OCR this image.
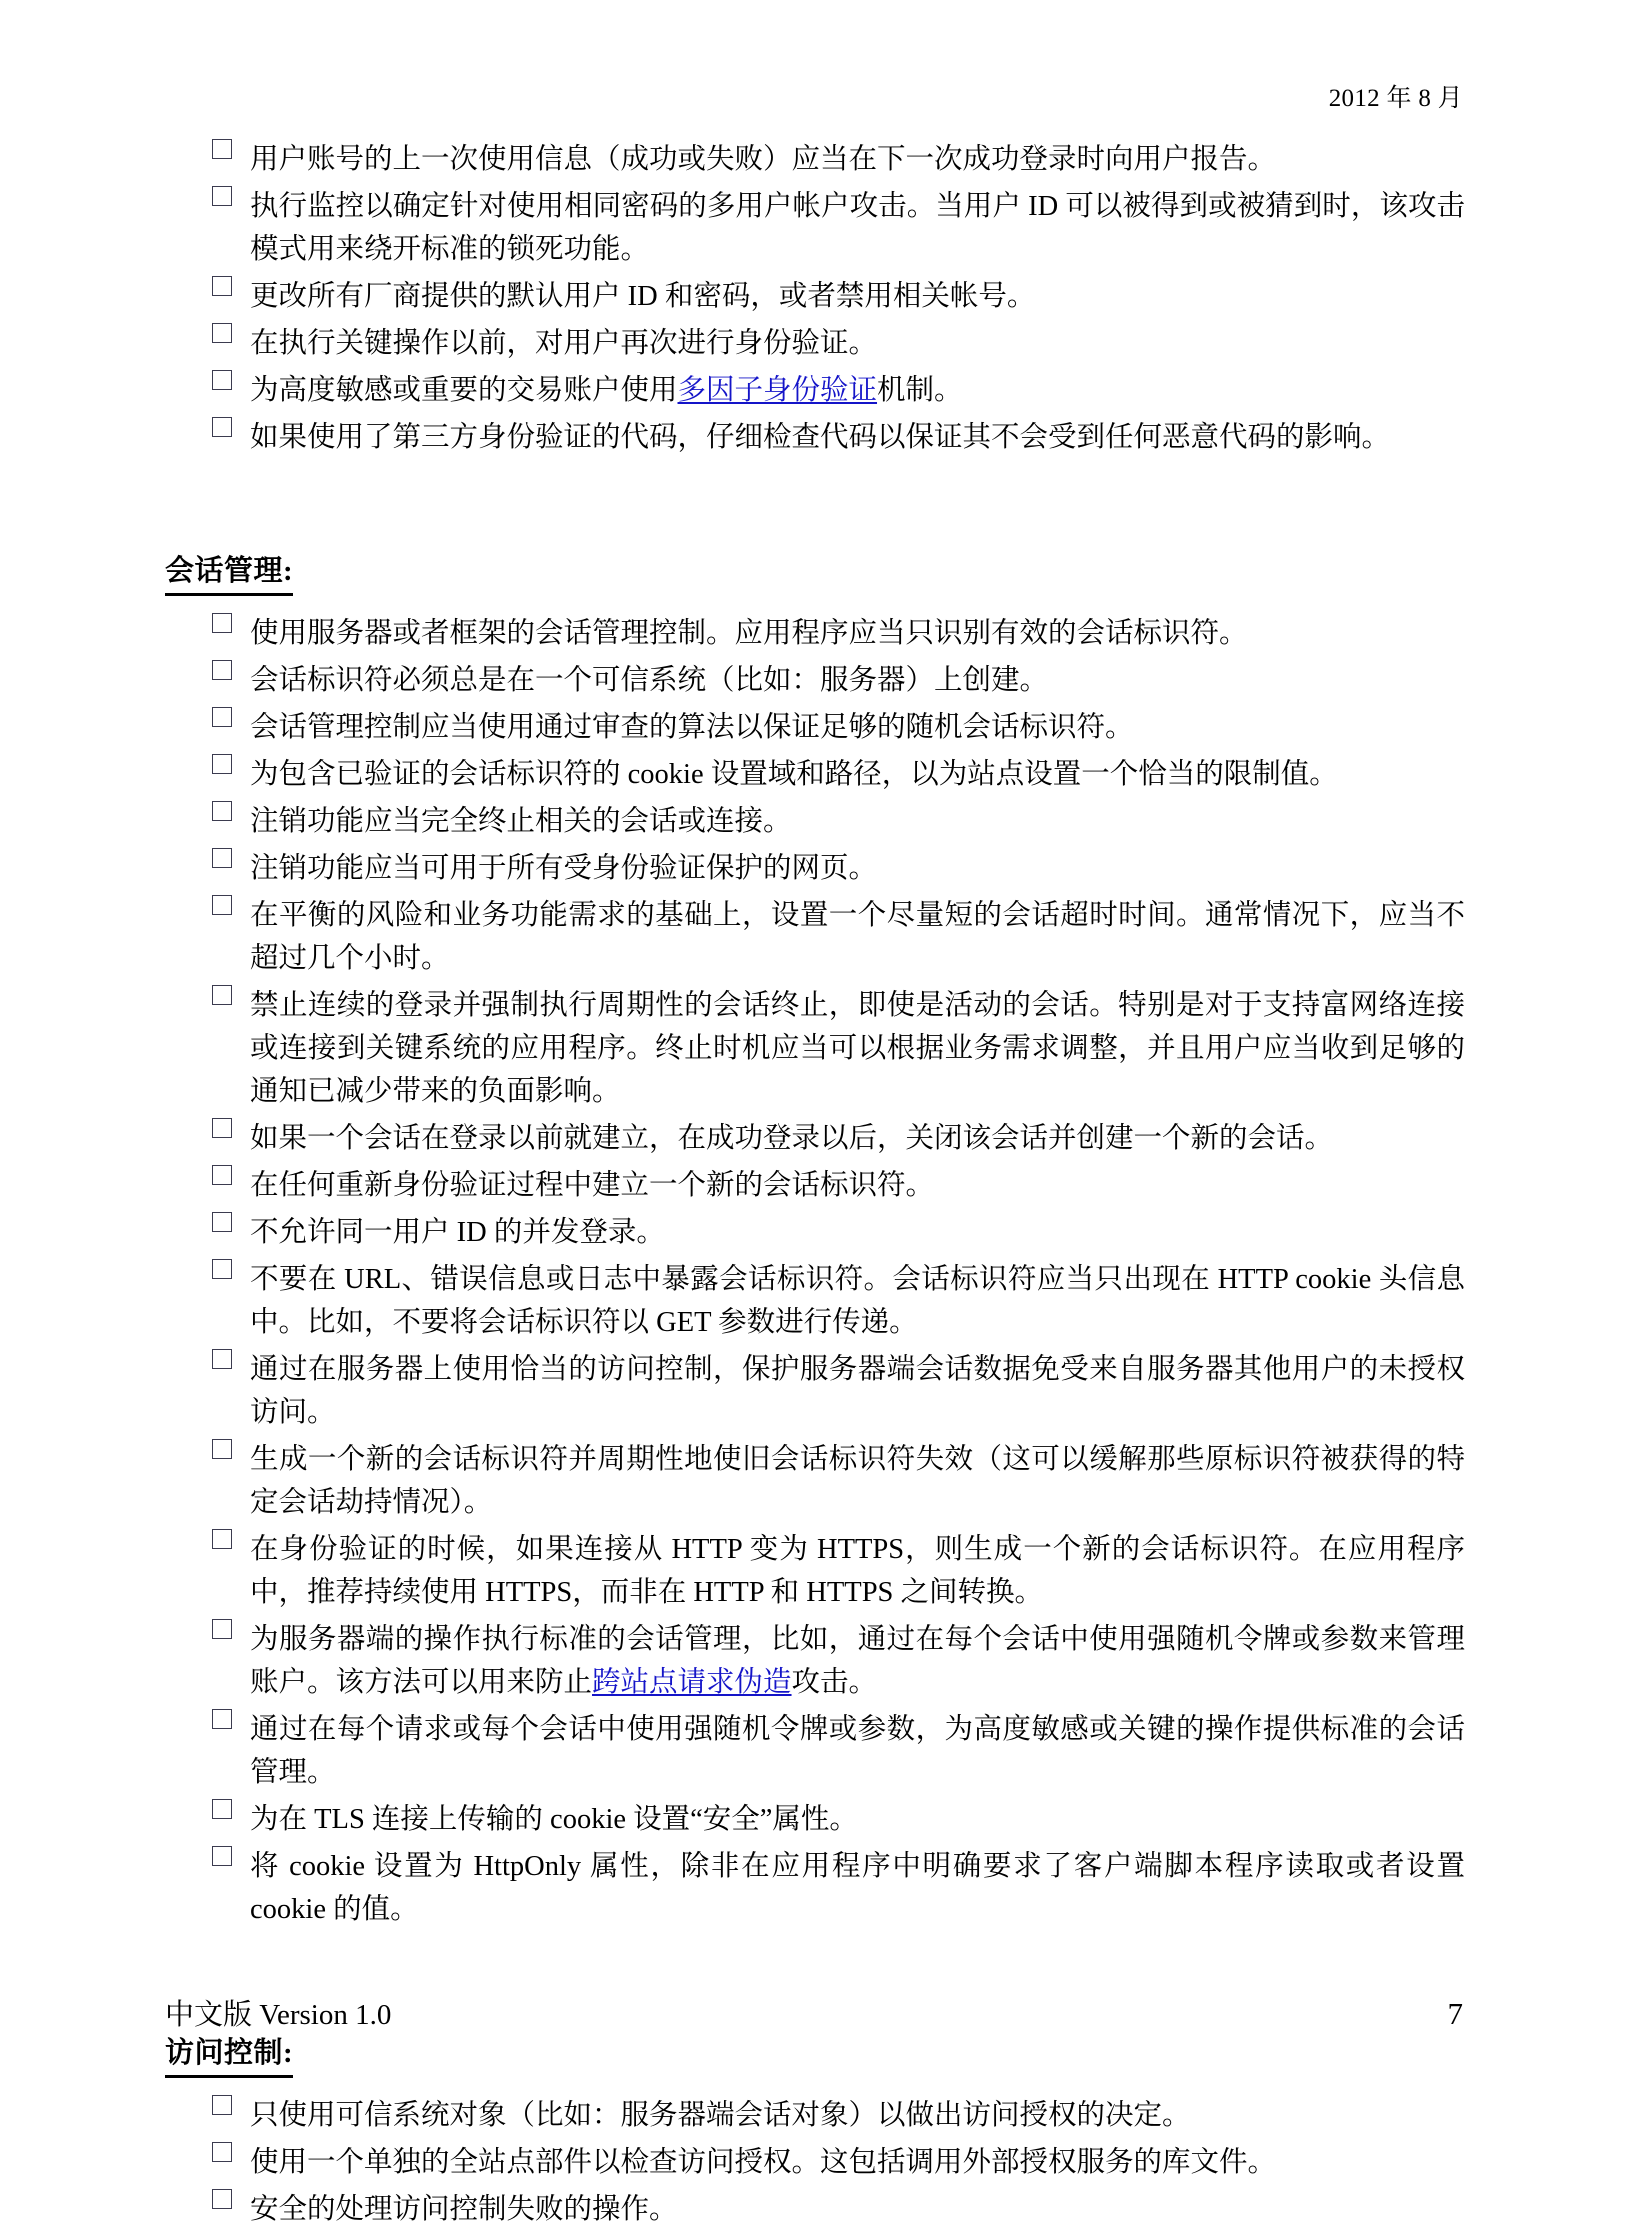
2012 年 8 月
用户账号的上一次使用信息（成功或失败）应当在下一次成功登录时向用户报告。
执行监控以确定针对使用相同密码的多用户帐户攻击。当用户 ID 可以被得到或被猜到时，该攻击模式用来绕开标准的锁死功能。
更改所有厂商提供的默认用户 ID 和密码，或者禁用相关帐号。
在执行关键操作以前，对用户再次进行身份验证。
为高度敏感或重要的交易账户使用多因子身份验证机制。
如果使用了第三方身份验证的代码，仔细检查代码以保证其不会受到任何恶意代码的影响。
会话管理:
使用服务器或者框架的会话管理控制。应用程序应当只识别有效的会话标识符。
会话标识符必须总是在一个可信系统（比如：服务器）上创建。
会话管理控制应当使用通过审查的算法以保证足够的随机会话标识符。
为包含已验证的会话标识符的 cookie 设置域和路径，以为站点设置一个恰当的限制值。
注销功能应当完全终止相关的会话或连接。
注销功能应当可用于所有受身份验证保护的网页。
在平衡的风险和业务功能需求的基础上，设置一个尽量短的会话超时时间。通常情况下，应当不超过几个小时。
禁止连续的登录并强制执行周期性的会话终止，即使是活动的会话。特别是对于支持富网络连接或连接到关键系统的应用程序。终止时机应当可以根据业务需求调整，并且用户应当收到足够的通知已减少带来的负面影响。
如果一个会话在登录以前就建立，在成功登录以后，关闭该会话并创建一个新的会话。
在任何重新身份验证过程中建立一个新的会话标识符。
不允许同一用户 ID 的并发登录。
不要在 URL、错误信息或日志中暴露会话标识符。会话标识符应当只出现在 HTTP cookie 头信息中。比如，不要将会话标识符以 GET 参数进行传递。
通过在服务器上使用恰当的访问控制，保护服务器端会话数据免受来自服务器其他用户的未授权访问。
生成一个新的会话标识符并周期性地使旧会话标识符失效（这可以缓解那些原标识符被获得的特定会话劫持情况）。
在身份验证的时候，如果连接从 HTTP 变为 HTTPS，则生成一个新的会话标识符。在应用程序中，推荐持续使用 HTTPS，而非在 HTTP 和 HTTPS 之间转换。
为服务器端的操作执行标准的会话管理，比如，通过在每个会话中使用强随机令牌或参数来管理账户。该方法可以用来防止跨站点请求伪造攻击。
通过在每个请求或每个会话中使用强随机令牌或参数，为高度敏感或关键的操作提供标准的会话管理。
为在 TLS 连接上传输的 cookie 设置“安全”属性。
将 cookie 设置为 HttpOnly 属性，除非在应用程序中明确要求了客户端脚本程序读取或者设置 cookie 的值。
访问控制:
只使用可信系统对象（比如：服务器端会话对象）以做出访问授权的决定。
使用一个单独的全站点部件以检查访问授权。这包括调用外部授权服务的库文件。
安全的处理访问控制失败的操作。
中文版 Version 1.0	7
